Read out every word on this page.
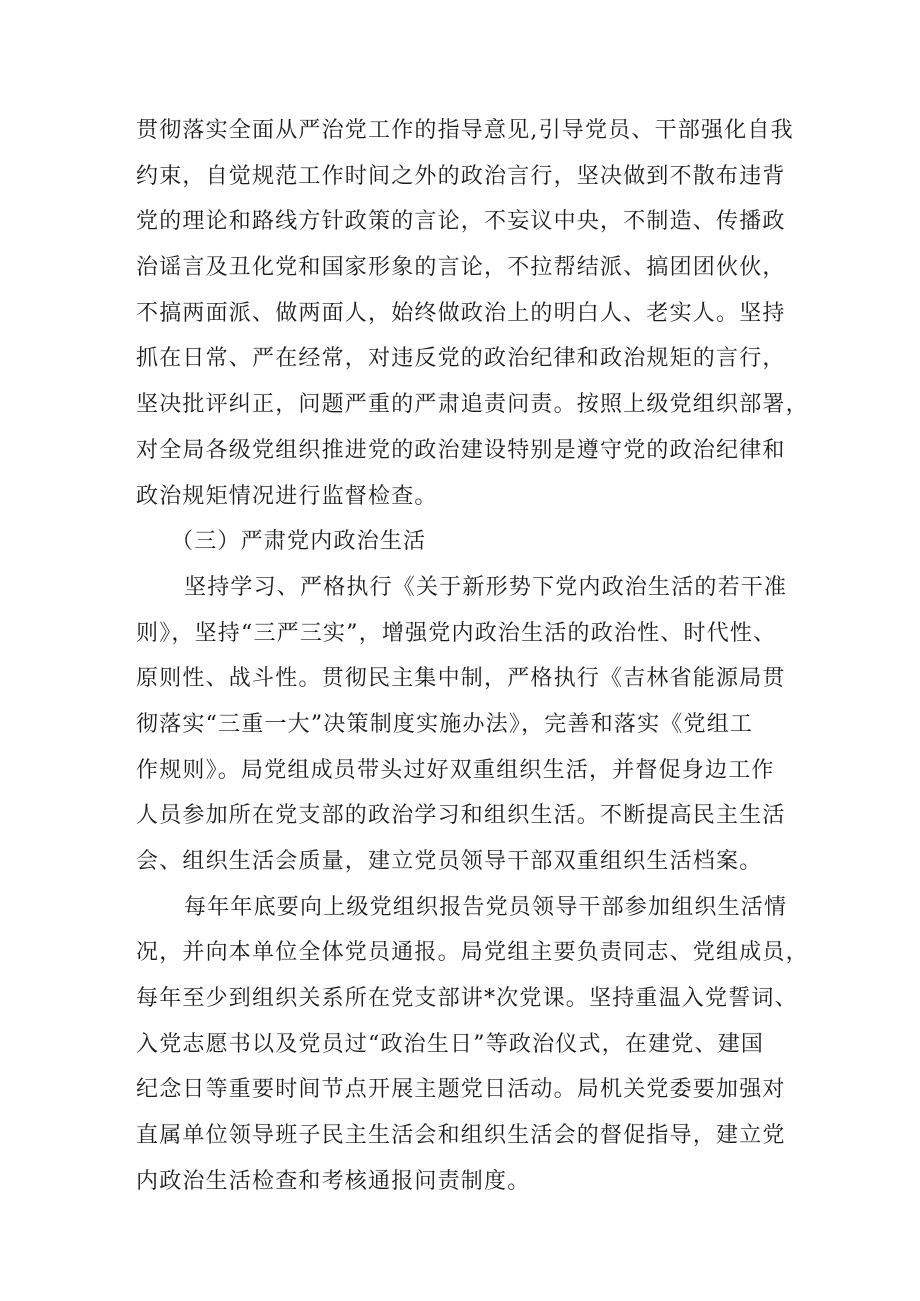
贯彻落实全面从严治党工作的指导意见,引导党员、干部强化自我
约束，自觉规范工作时间之外的政治言行，坚决做到不散布违背
党的理论和路线方针政策的言论，不妄议中央，不制造、传播政
治谣言及丑化党和国家形象的言论，不拉帮结派、搞团团伙伙，
不搞两面派、做两面人，始终做政治上的明白人、老实人。坚持
抓在日常、严在经常，对违反党的政治纪律和政治规矩的言行，
坚决批评纠正，问题严重的严肃追责问责。按照上级党组织部署，
对全局各级党组织推进党的政治建设特别是遵守党的政治纪律和
政治规矩情况进行监督检查。
（三）严肃党内政治生活
坚持学习、严格执行《关于新形势下党内政治生活的若干准
则》，坚持“三严三实”，增强党内政治生活的政治性、时代性、
原则性、战斗性。贯彻民主集中制，严格执行《吉林省能源局贯
彻落实“三重一大”决策制度实施办法》，完善和落实《党组工
作规则》。局党组成员带头过好双重组织生活，并督促身边工作
人员参加所在党支部的政治学习和组织生活。不断提高民主生活
会、组织生活会质量，建立党员领导干部双重组织生活档案。
每年年底要向上级党组织报告党员领导干部参加组织生活情
况，并向本单位全体党员通报。局党组主要负责同志、党组成员，
每年至少到组织关系所在党支部讲*次党课。坚持重温入党誓词、
入党志愿书以及党员过“政治生日”等政治仪式，在建党、建国
纪念日等重要时间节点开展主题党日活动。局机关党委要加强对
直属单位领导班子民主生活会和组织生活会的督促指导，建立党
内政治生活检查和考核通报问责制度。
